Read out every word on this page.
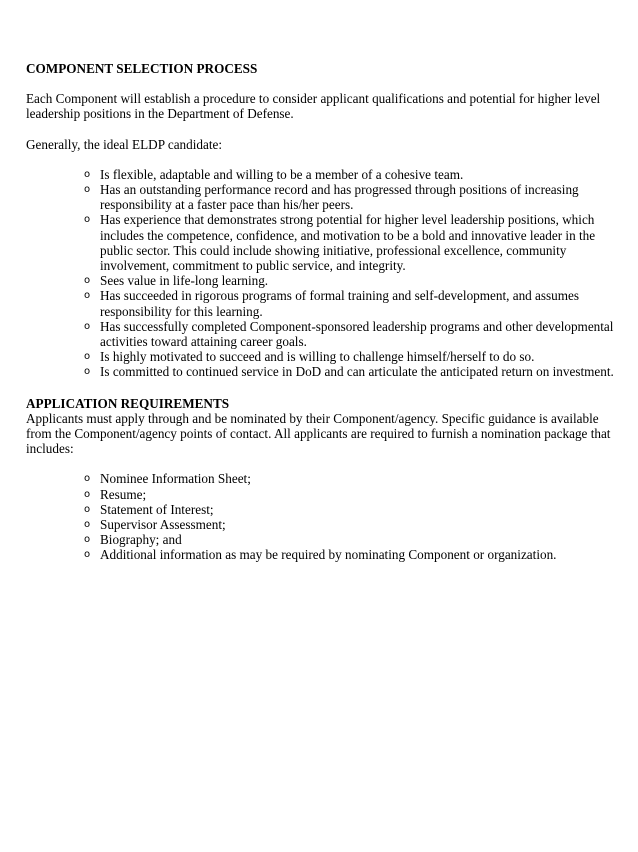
COMPONENT SELECTION PROCESS

Each Component will establish a procedure to consider applicant qualifications and potential for higher level leadership positions in the Department of Defense.

Generally, the ideal ELDP candidate:

o Is flexible, adaptable and willing to be a member of a cohesive team.
o Has an outstanding performance record and has progressed through positions of increasing responsibility at a faster pace than his/her peers.
o Has experience that demonstrates strong potential for higher level leadership positions, which includes the competence, confidence, and motivation to be a bold and innovative leader in the public sector. This could include showing initiative, professional excellence, community involvement, commitment to public service, and integrity.
o Sees value in life-long learning.
o Has succeeded in rigorous programs of formal training and self-development, and assumes responsibility for this learning.
o Has successfully completed Component-sponsored leadership programs and other developmental activities toward attaining career goals.
o Is highly motivated to succeed and is willing to challenge himself/herself to do so.
o Is committed to continued service in DoD and can articulate the anticipated return on investment.

APPLICATION REQUIREMENTS

Applicants must apply through and be nominated by their Component/agency. Specific guidance is available from the Component/agency points of contact. All applicants are required to furnish a nomination package that includes:

o Nominee Information Sheet;
o Resume;
o Statement of Interest;
o Supervisor Assessment;
o Biography; and
o Additional information as may be required by nominating Component or organization.
